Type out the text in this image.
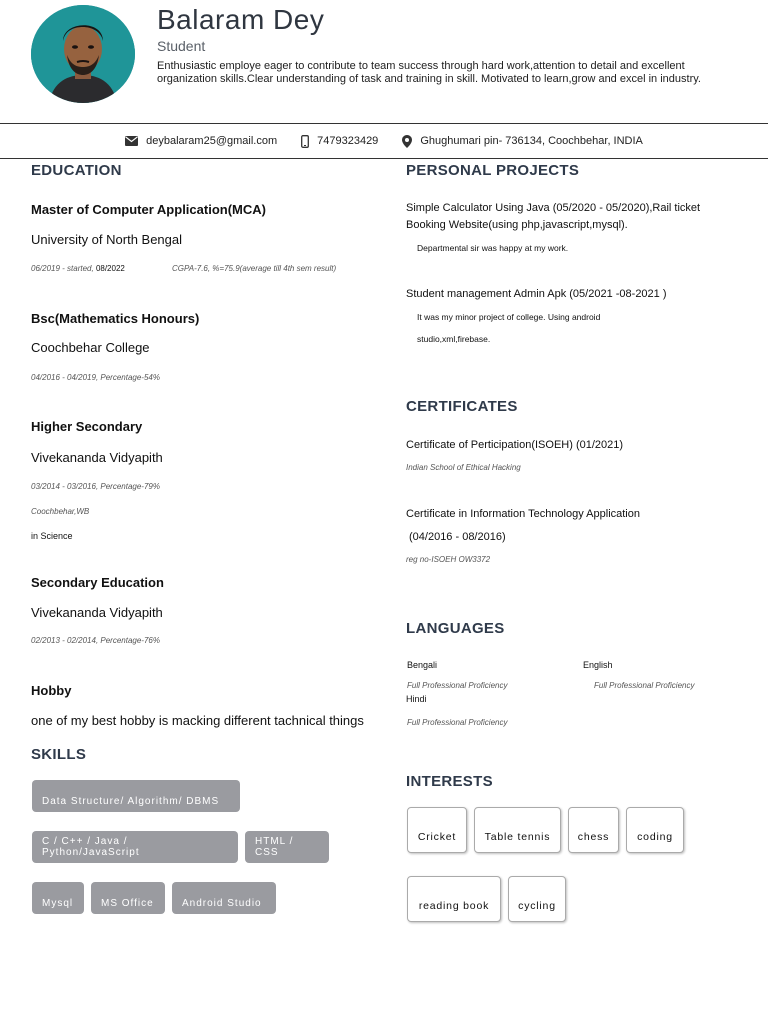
Balaram Dey
Student
Enthusiastic employe eager to contribute to team success through hard work,attention to detail and excellent organization skills.Clear understanding of task and training in skill. Motivated to learn,grow and excel in industry.
deybalaram25@gmail.com	7479323429	Ghughumari pin- 736134, Coochbehar, INDIA
EDUCATION
Master of Computer Application(MCA)
University of North Bengal
06/2019 - started, 08/2022	CGPA-7.6, %=75.9(average till 4th sem result)
Bsc(Mathematics Honours)
Coochbehar College
04/2016 - 04/2019, Percentage-54%
Higher Secondary
Vivekananda Vidyapith
03/2014 - 03/2016, Percentage-79%
Coochbehar,WB
in Science
Secondary Education
Vivekananda Vidyapith
02/2013 - 02/2014, Percentage-76%
Hobby
one of my best hobby is macking different tachnical things
SKILLS
Data Structure/ Algorithm/ DBMS
C / C++ / Java / Python/JavaScript
HTML / CSS
Mysql	MS Office	Android Studio
PERSONAL PROJECTS
Simple Calculator Using Java (05/2020 - 05/2020),Rail ticket Booking Website(using php,javascript,mysql).
Departmental sir was happy at my work.
Student management Admin Apk (05/2021 -08-2021 )
It was my minor project of college. Using android
studio,xml,firebase.
CERTIFICATES
Certificate of Perticipation(ISOEH) (01/2021)
Indian School of Ethical Hacking
Certificate in Information Technology Application
(04/2016 - 08/2016)
reg no-ISOEH OW3372
LANGUAGES
Bengali
Full Professional Proficiency
English
Full Professional Proficiency
Hindi
Full Professional Proficiency
INTERESTS
Cricket	Table tennis	chess	coding
reading book	cycling
